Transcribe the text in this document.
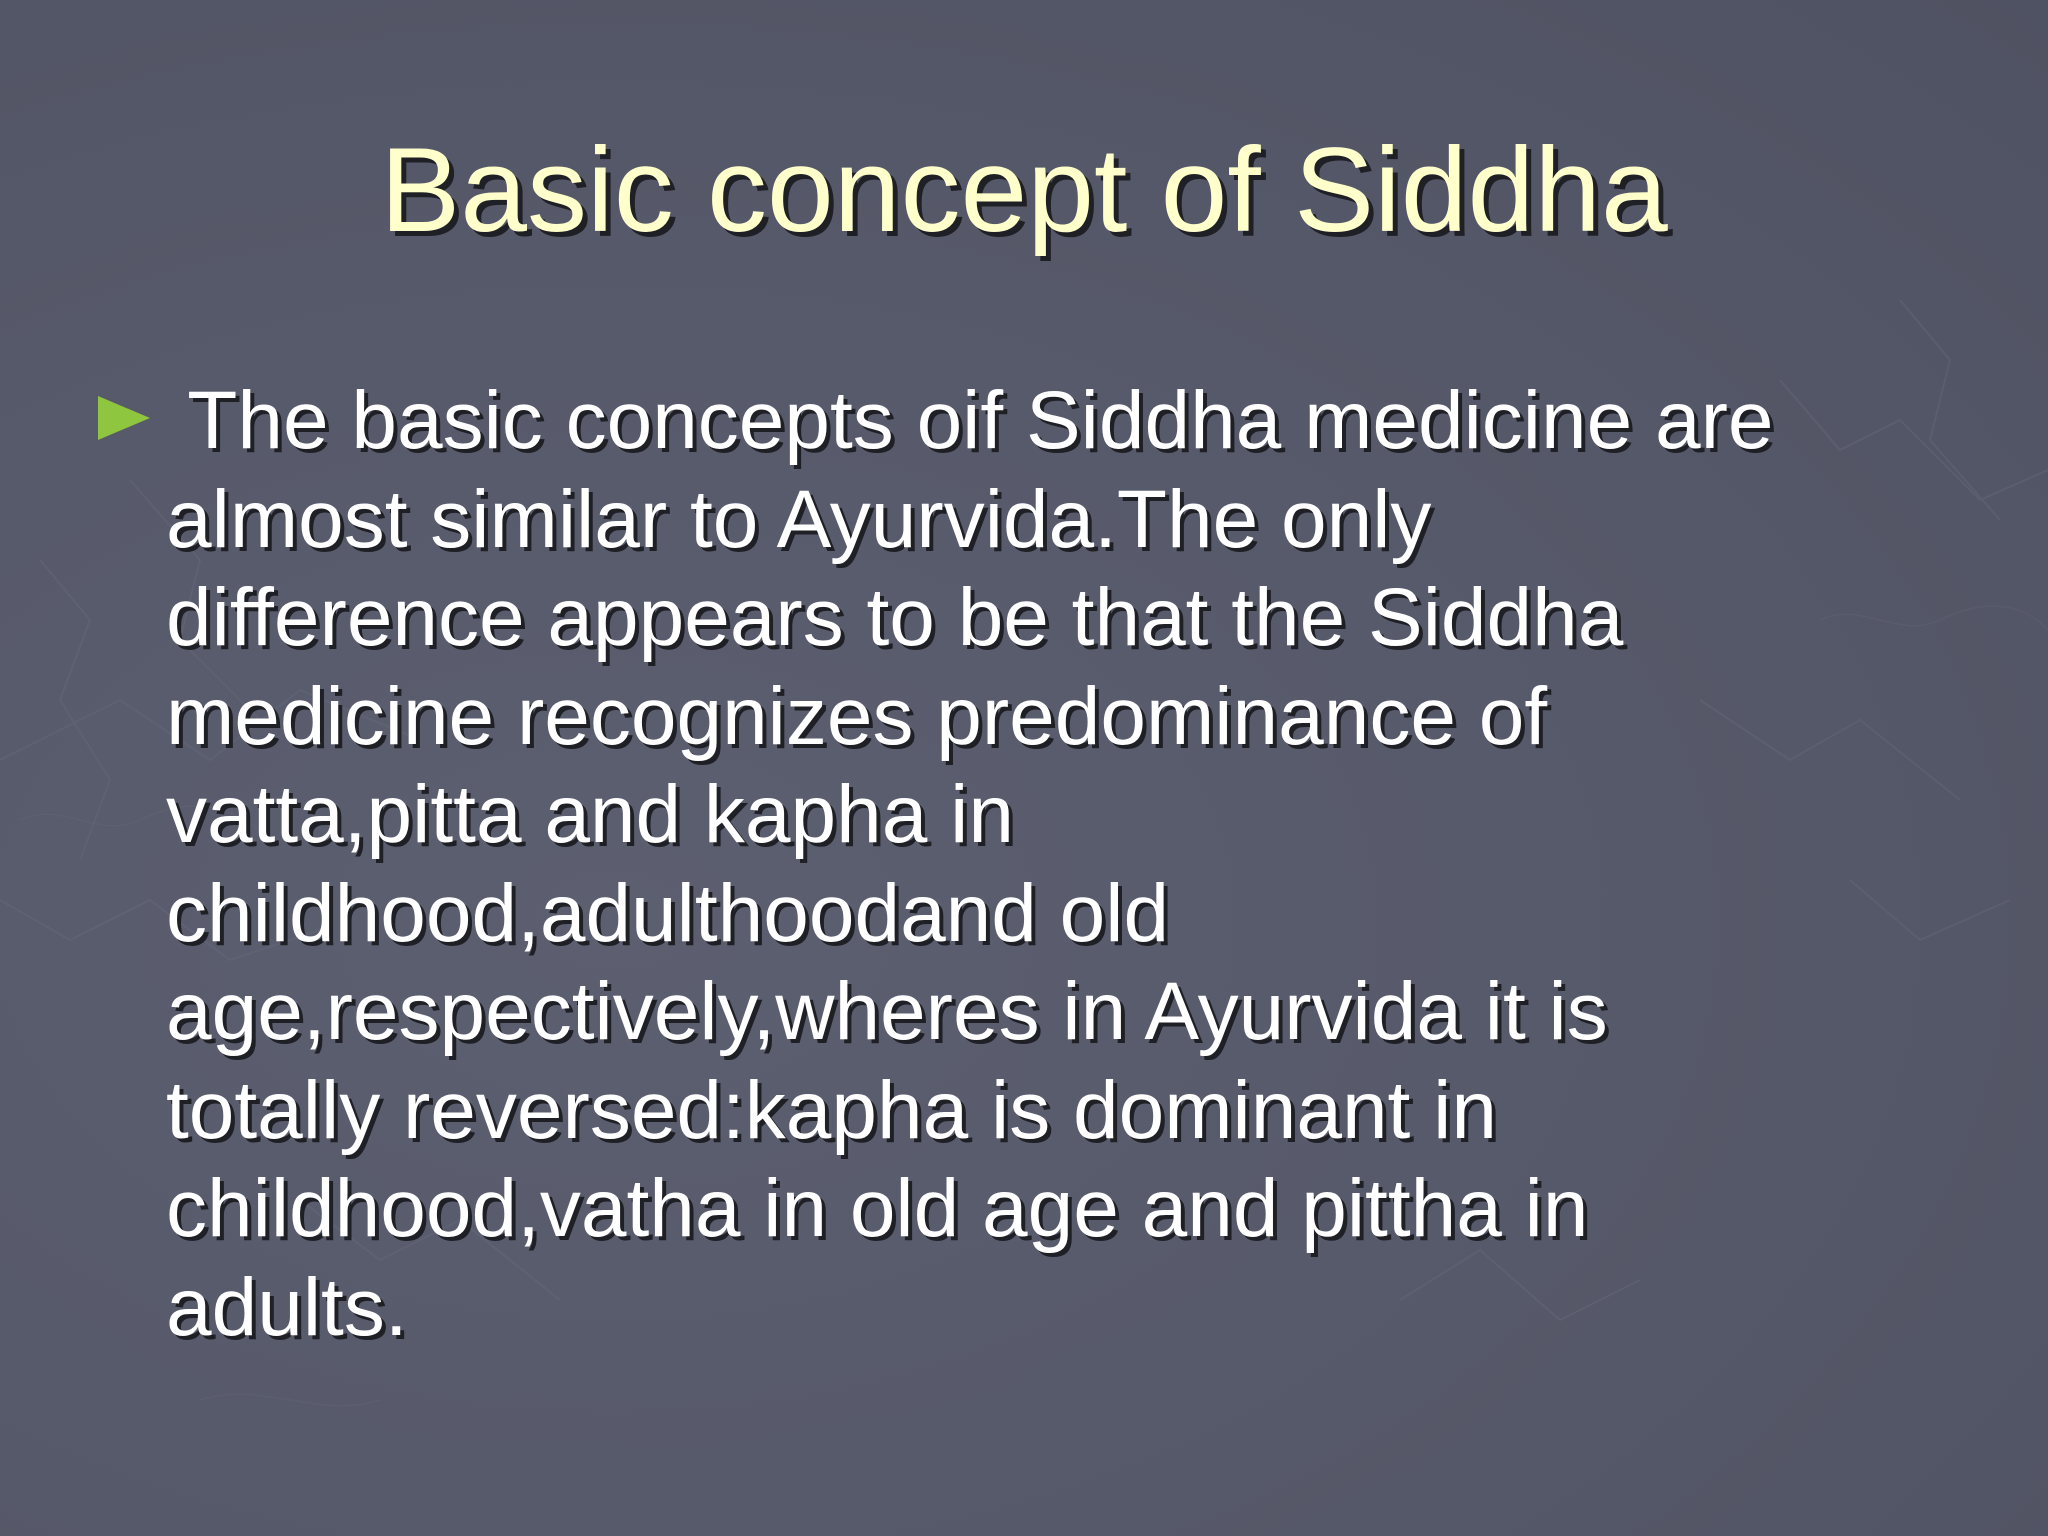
Basic concept of Siddha

The basic concepts oif Siddha medicine are
almost similar to Ayurvida.The only
difference appears to be that the Siddha
medicine recognizes predominance of
vatta,pitta and kapha in
childhood,adulthoodand old
age,respectively,wheres in Ayurvida it is
totally reversed:kapha is dominant in
childhood,vatha in old age and pittha in
adults.
